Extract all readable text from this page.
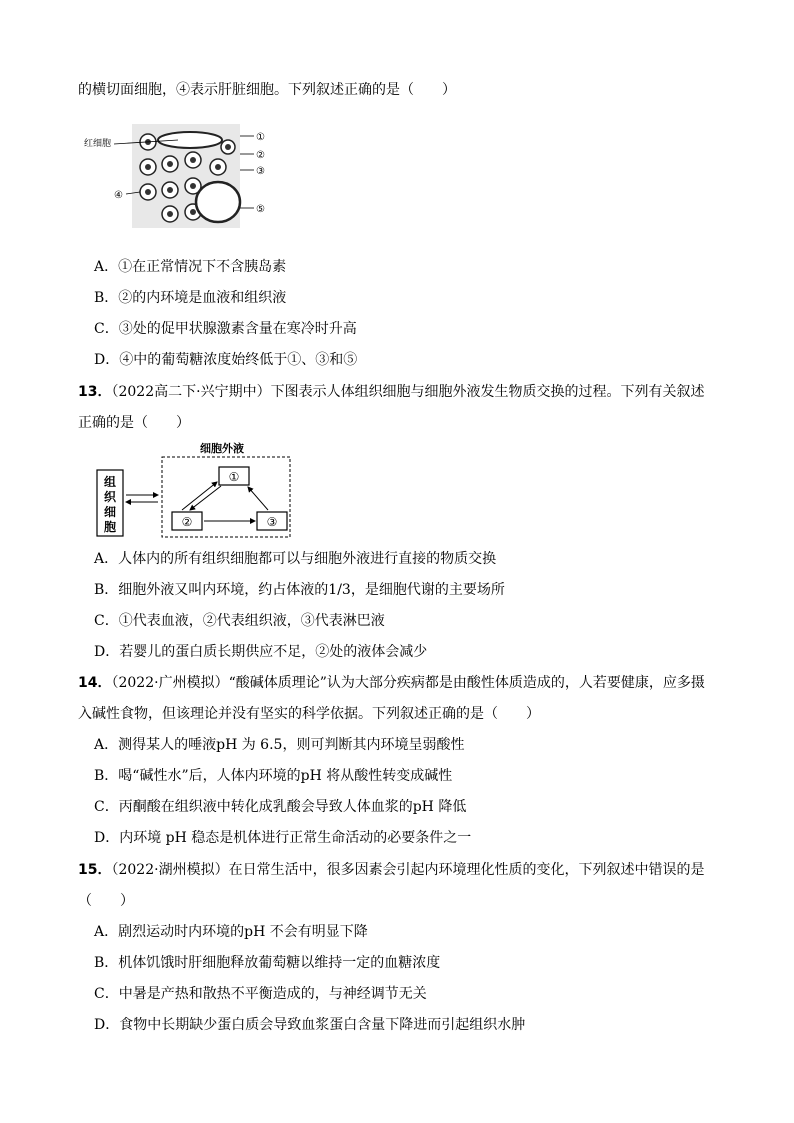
的横切面细胞，④表示肝脏细胞。下列叙述正确的是（　　）
红细胞
①
②
③
④
⑤
A．①在正常情况下不含胰岛素
B．②的内环境是血液和组织液
C．③处的促甲状腺激素含量在寒冷时升高
D．④中的葡萄糖浓度始终低于①、③和⑤
13．（2022高二下·兴宁期中）下图表示人体组织细胞与细胞外液发生物质交换的过程。下列有关叙述
正确的是（　　）
组
织
细
胞
细胞外液
①
②	③
A．人体内的所有组织细胞都可以与细胞外液进行直接的物质交换
B．细胞外液又叫内环境，约占体液的1/3，是细胞代谢的主要场所
C．①代表血液，②代表组织液，③代表淋巴液
D．若婴儿的蛋白质长期供应不足，②处的液体会减少
14．（2022·广州模拟）“酸碱体质理论”认为大部分疾病都是由酸性体质造成的，人若要健康，应多摄
入碱性食物，但该理论并没有坚实的科学依据。下列叙述正确的是（　　）
A．测得某人的唾液pH 为 6.5，则可判断其内环境呈弱酸性
B．喝“碱性水”后，人体内环境的pH 将从酸性转变成碱性
C．丙酮酸在组织液中转化成乳酸会导致人体血浆的pH 降低
D．内环境 pH 稳态是机体进行正常生命活动的必要条件之一
15．（2022·湖州模拟）在日常生活中，很多因素会引起内环境理化性质的变化，下列叙述中错误的是
（　　）
A．剧烈运动时内环境的pH 不会有明显下降
B．机体饥饿时肝细胞释放葡萄糖以维持一定的血糖浓度
C．中暑是产热和散热不平衡造成的，与神经调节无关
D．食物中长期缺少蛋白质会导致血浆蛋白含量下降进而引起组织水肿
